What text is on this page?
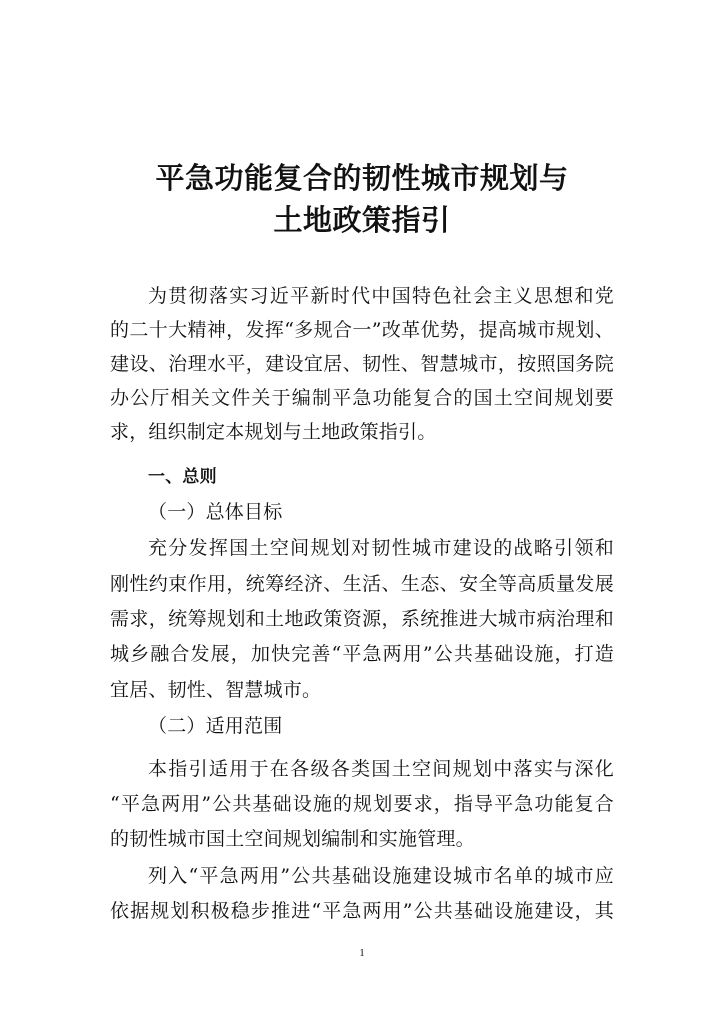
平急功能复合的韧性城市规划与
土地政策指引
为贯彻落实习近平新时代中国特色社会主义思想和党
的二十大精神，发挥“多规合一”改革优势，提高城市规划、
建设、治理水平，建设宜居、韧性、智慧城市，按照国务院
办公厅相关文件关于编制平急功能复合的国土空间规划要
求，组织制定本规划与土地政策指引。
一、总则
（一）总体目标
充分发挥国土空间规划对韧性城市建设的战略引领和
刚性约束作用，统筹经济、生活、生态、安全等高质量发展
需求，统筹规划和土地政策资源，系统推进大城市病治理和
城乡融合发展，加快完善“平急两用”公共基础设施，打造
宜居、韧性、智慧城市。
（二）适用范围
本指引适用于在各级各类国土空间规划中落实与深化
“平急两用”公共基础设施的规划要求，指导平急功能复合
的韧性城市国土空间规划编制和实施管理。
列入“平急两用”公共基础设施建设城市名单的城市应
依据规划积极稳步推进“平急两用”公共基础设施建设，其
1
